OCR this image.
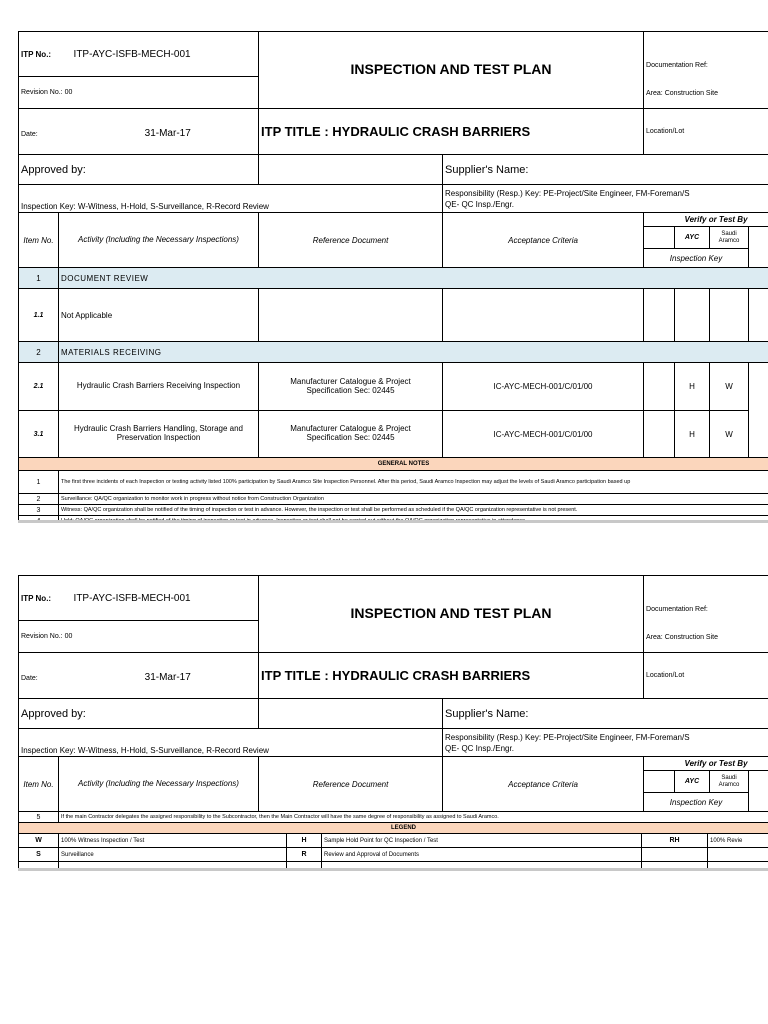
ITP No.: ITP-AYC-ISFB-MECH-001		INSPECTION AND TEST PLAN		Documentation Ref:
Area: Construction Site			

Revision No.: 00							
Date: 31-Mar-17		ITP TITLE : HYDRAULIC CRASH BARRIERS		Location/Lot			
Approved by:			Supplier's Name:				
Inspection Key: W-Witness, H-Hold, S-Surveillance, R-Record Review			Responsibility (Resp.) Key: PE-Project/Site Engineer, FM-Foreman/S
QE- QC Insp./Engr.				

Item No.	Activity (Including the Necessary Inspections)	Reference Document	Acceptance Criteria	Verify or Test By			
					AYC	Saudi Aramco	
				Inspection Key			
1	DOCUMENT REVIEW						
1.1	Not Applicable						
2	MATERIALS RECEIVING						
2.1	Hydraulic Crash Barriers Receiving Inspection	Manufacturer Catalogue & Project Specification Sec: 02445	IC-AYC-MECH-001/C/01/00		H	W	
3.1	Hydraulic Crash Barriers Handling, Storage and Preservation Inspection	Manufacturer Catalogue & Project Specification Sec: 02445	IC-AYC-MECH-001/C/01/00		H	W	
GENERAL NOTES							
1	The first three incidents of each Inspection or testing activity listed 100% participation by Saudi Aramco Site Inspection Personnel. After this period, Saudi Aramco Inspection may adjust the levels of Saudi Aramco participation based up						
2	Surveillance: QA/QC organization to monitor work in progress without notice from Construction Organization						
3	Witness: QA/QC organization shall be notified of the timing of inspection or test in advance. However, the inspection or test shall be performed as scheduled if the QA/QC organization representative is not present.						

ITP No.: ITP-AYC-ISFB-MECH-001		INSPECTION AND TEST PLAN		Documentation Ref:
Area: Construction Site			

Revision No.: 00							
Date: 31-Mar-17		ITP TITLE : HYDRAULIC CRASH BARRIERS		Location/Lot			
Approved by:			Supplier's Name:				
Inspection Key: W-Witness, H-Hold, S-Surveillance, R-Record Review			Responsibility (Resp.) Key: PE-Project/Site Engineer, FM-Foreman/S
QE- QC Insp./Engr.				

Item No.	Activity (Including the Necessary Inspections)	Reference Document	Acceptance Criteria	Verify or Test By			
					AYC	Saudi Aramco	
				Inspection Key			
5	If the main Contractor delegates the assigned responsibility to the Subcontractor, then the Main Contractor will have the same degree of responsibility as assigned to Saudi Aramco.				
LEGEND					
W	100% Witness Inspection / Test	H	Sample Hold Point for QC Inspection / Test	RH	100% Revie
S	Surveillance	R	Review and Approval of Documents		
